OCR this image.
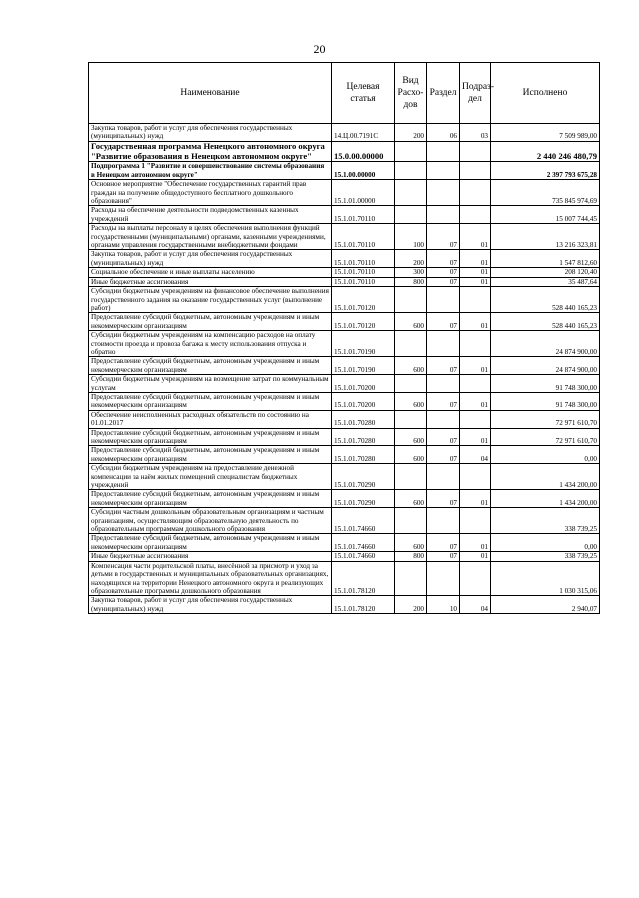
20
Наименование	Целевая статья	Вид Расхо- дов	Раздел	Подраз- дел	Исполнено
Закупка товаров, работ и услуг для обеспечения государственных (муниципальных) нужд	14.Ц.00.7191С	200	06	03	7 509 989,00
Государственная программа Ненецкого автономного округа "Развитие образования в Ненецком автономном округе"	15.0.00.00000				2 440 246 480,79
Подпрограмма 1 "Развитие и совершенствование системы образования в Ненецком автономном округе"	15.1.00.00000				2 397 793 675,28
Основное мероприятие "Обеспечение государственных гарантий прав граждан на получение общедоступного бесплатного дошкольного образования"	15.1.01.00000				735 845 974,69
Расходы на обеспечение деятельности подведомственных казенных учреждений	15.1.01.70110				15 007 744,45
Расходы на выплаты персоналу в целях обеспечения выполнения функций государственными (муниципальными) органами, казенными учреждениями, органами управления государственными внебюджетными фондами	15.1.01.70110	100	07	01	13 216 323,81
Закупка товаров, работ и услуг для обеспечения государственных (муниципальных) нужд	15.1.01.70110	200	07	01	1 547 812,60
Социальное обеспечение и иные выплаты населению	15.1.01.70110	300	07	01	208 120,40
Иные бюджетные ассигнования	15.1.01.70110	800	07	01	35 487,64
Субсидии бюджетным учреждениям на финансовое обеспечение выполнения государственного задания на оказание государственных услуг (выполнение работ)	15.1.01.70120				528 440 165,23
Предоставление субсидий бюджетным, автономным учреждениям и иным некоммерческим организациям	15.1.01.70120	600	07	01	528 440 165,23
Субсидии бюджетным учреждениям на компенсацию расходов на оплату стоимости проезда и провоза багажа к месту использования отпуска и обратно	15.1.01.70190				24 874 900,00
Предоставление субсидий бюджетным, автономным учреждениям и иным некоммерческим организациям	15.1.01.70190	600	07	01	24 874 900,00
Субсидии бюджетным учреждениям на возмещение затрат по коммунальным услугам	15.1.01.70200				91 748 300,00
Предоставление субсидий бюджетным, автономным учреждениям и иным некоммерческим организациям	15.1.01.70200	600	07	01	91 748 300,00
Обеспечение неисполненных расходных обязательств по состоянию на 01.01.2017	15.1.01.70280				72 971 610,70
Предоставление субсидий бюджетным, автономным учреждениям и иным некоммерческим организациям	15.1.01.70280	600	07	01	72 971 610,70
Предоставление субсидий бюджетным, автономным учреждениям и иным некоммерческим организациям	15.1.01.70280	600	07	04	0,00
Субсидии бюджетным учреждениям на предоставление денежной компенсации за наём жилых помещений специалистам бюджетных учреждений	15.1.01.70290				1 434 200,00
Предоставление субсидий бюджетным, автономным учреждениям и иным некоммерческим организациям	15.1.01.70290	600	07	01	1 434 200,00
Субсидии частным дошкольным образовательным организациям и частным организациям, осуществляющим образовательную деятельность по образовательным программам дошкольного образования	15.1.01.74660				338 739,25
Предоставление субсидий бюджетным, автономным учреждениям и иным некоммерческим организациям	15.1.01.74660	600	07	01	0,00
Иные бюджетные ассигнования	15.1.01.74660	800	07	01	338 739,25
Компенсация части родительской платы, внесённой за присмотр и уход за детьми в государственных и муниципальных образовательных организациях, находящихся на территории Ненецкого автономного округа и реализующих образовательные программы дошкольного образования	15.1.01.78120				1 030 315,06
Закупка товаров, работ и услуг для обеспечения государственных (муниципальных) нужд	15.1.01.78120	200	10	04	2 940,07
